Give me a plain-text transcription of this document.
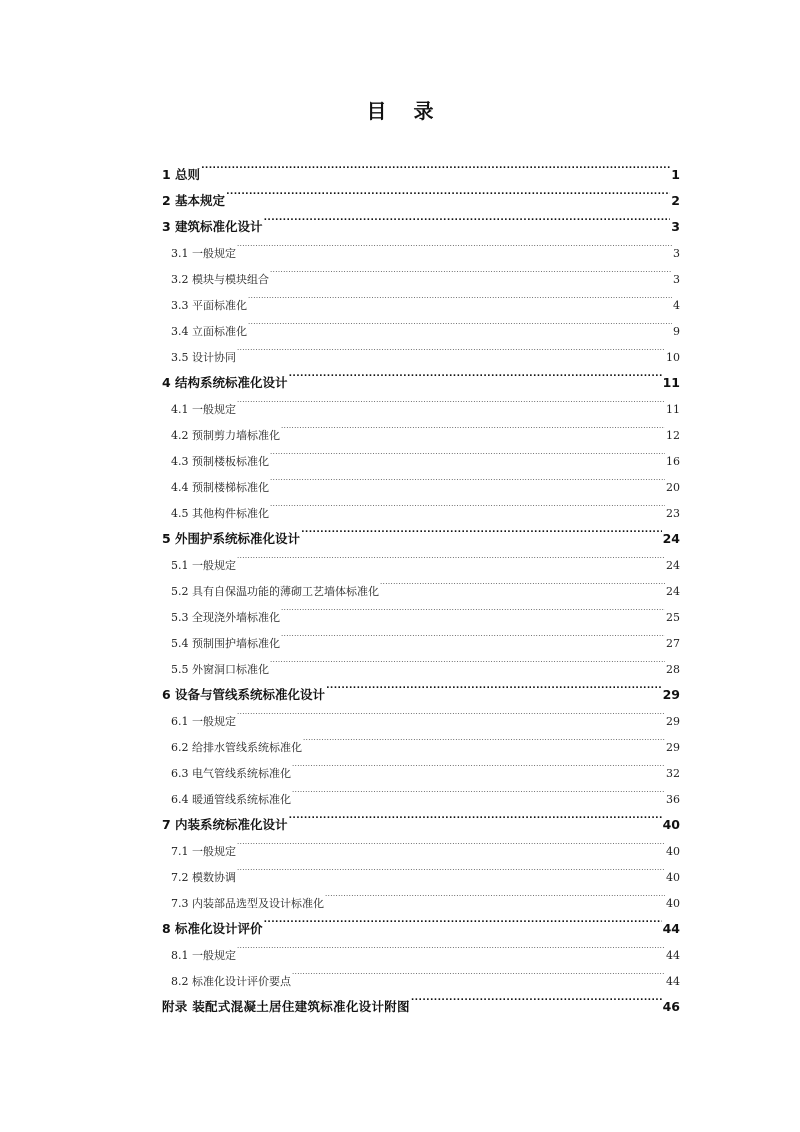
目 录
1 总则 .....	1
2 基本规定 .....	2
3 建筑标准化设计 .....	3
3.1 一般规定 .....	3
3.2 模块与模块组合 .....	3
3.3 平面标准化 .....	4
3.4 立面标准化 .....	9
3.5 设计协同 .....	10
4 结构系统标准化设计 .....	11
4.1 一般规定 .....	11
4.2 预制剪力墙标准化 .....	12
4.3 预制楼板标准化 .....	16
4.4 预制楼梯标准化 .....	20
4.5 其他构件标准化 .....	23
5 外围护系统标准化设计 .....	24
5.1 一般规定 .....	24
5.2 具有自保温功能的薄砌工艺墙体标准化 .....	24
5.3 全现浇外墙标准化 .....	25
5.4 预制围护墙标准化 .....	27
5.5 外窗洞口标准化 .....	28
6 设备与管线系统标准化设计 .....	29
6.1 一般规定 .....	29
6.2 给排水管线系统标准化 .....	29
6.3 电气管线系统标准化 .....	32
6.4 暖通管线系统标准化 .....	36
7 内装系统标准化设计 .....	40
7.1 一般规定 .....	40
7.2 模数协调 .....	40
7.3 内装部品选型及设计标准化 .....	40
8 标准化设计评价 .....	44
8.1 一般规定 .....	44
8.2 标准化设计评价要点 .....	44
附录 装配式混凝土居住建筑标准化设计附图 .....	46
